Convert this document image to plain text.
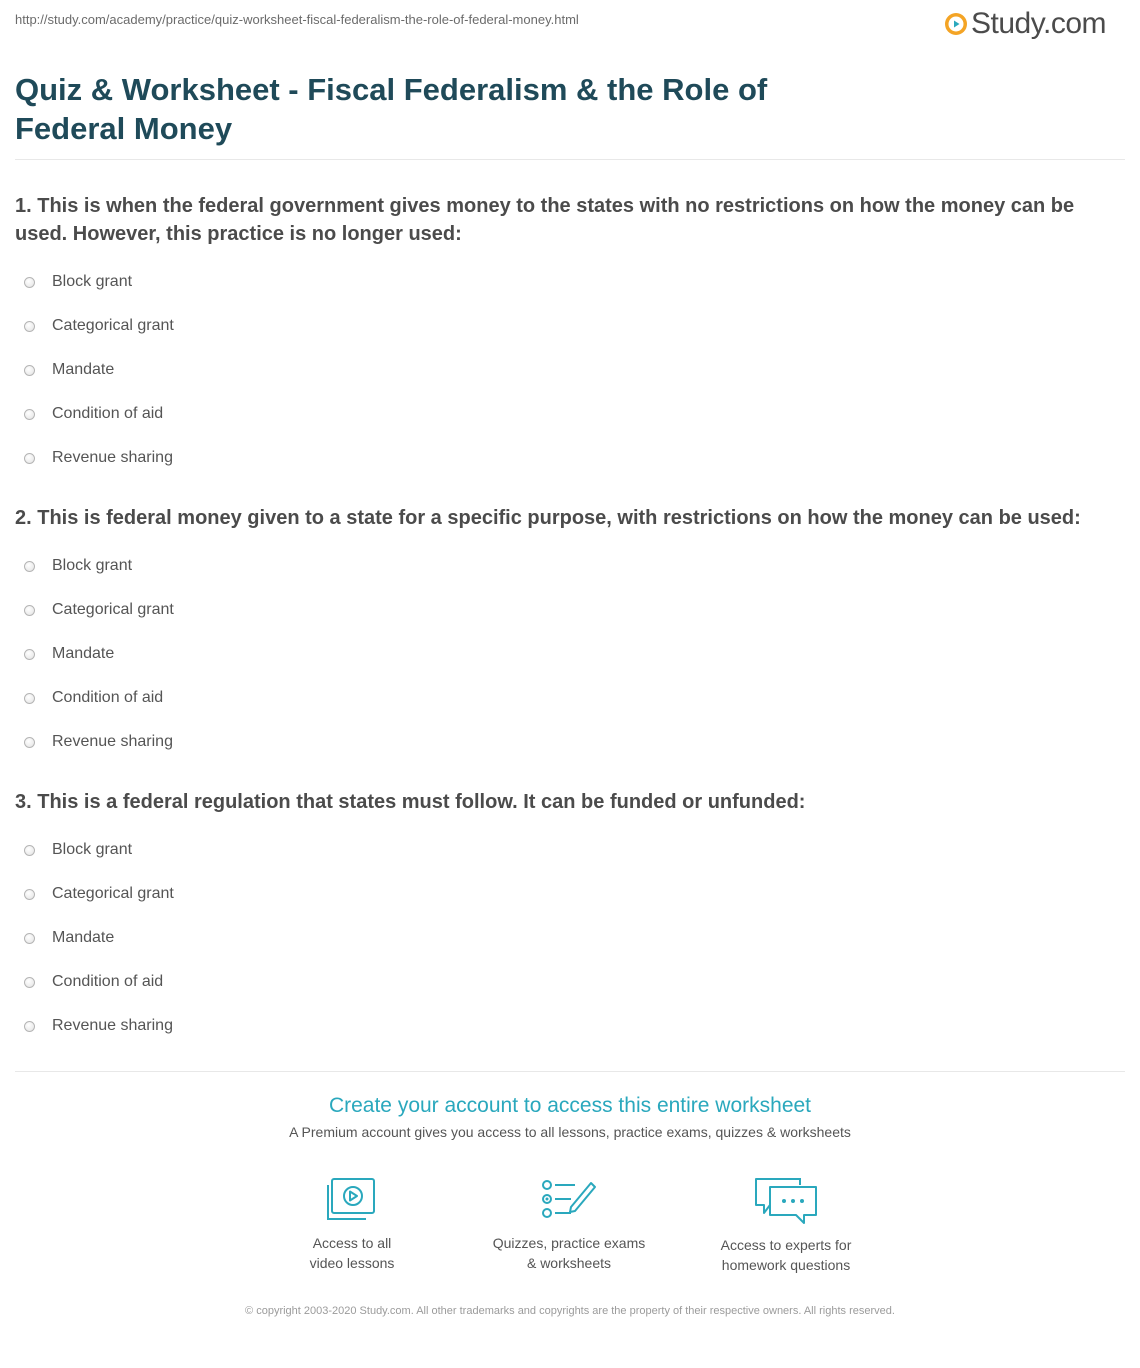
http://study.com/academy/practice/quiz-worksheet-fiscal-federalism-the-role-of-federal-money.html	Study.com
Quiz & Worksheet - Fiscal Federalism & the Role of Federal Money

1. This is when the federal government gives money to the states with no restrictions on how the money can be used. However, this practice is no longer used:

Block grant
Categorical grant
Mandate
Condition of aid
Revenue sharing

2. This is federal money given to a state for a specific purpose, with restrictions on how the money can be used:

Block grant
Categorical grant
Mandate
Condition of aid
Revenue sharing

3. This is a federal regulation that states must follow. It can be funded or unfunded:

Block grant
Categorical grant
Mandate
Condition of aid
Revenue sharing
Create your account to access this entire worksheet
A Premium account gives you access to all lessons, practice exams, quizzes & worksheets
Access to all
video lessons
Quizzes, practice exams
& worksheets
Access to experts for
homework questions
© copyright 2003-2020 Study.com. All other trademarks and copyrights are the property of their respective owners. All rights reserved.
